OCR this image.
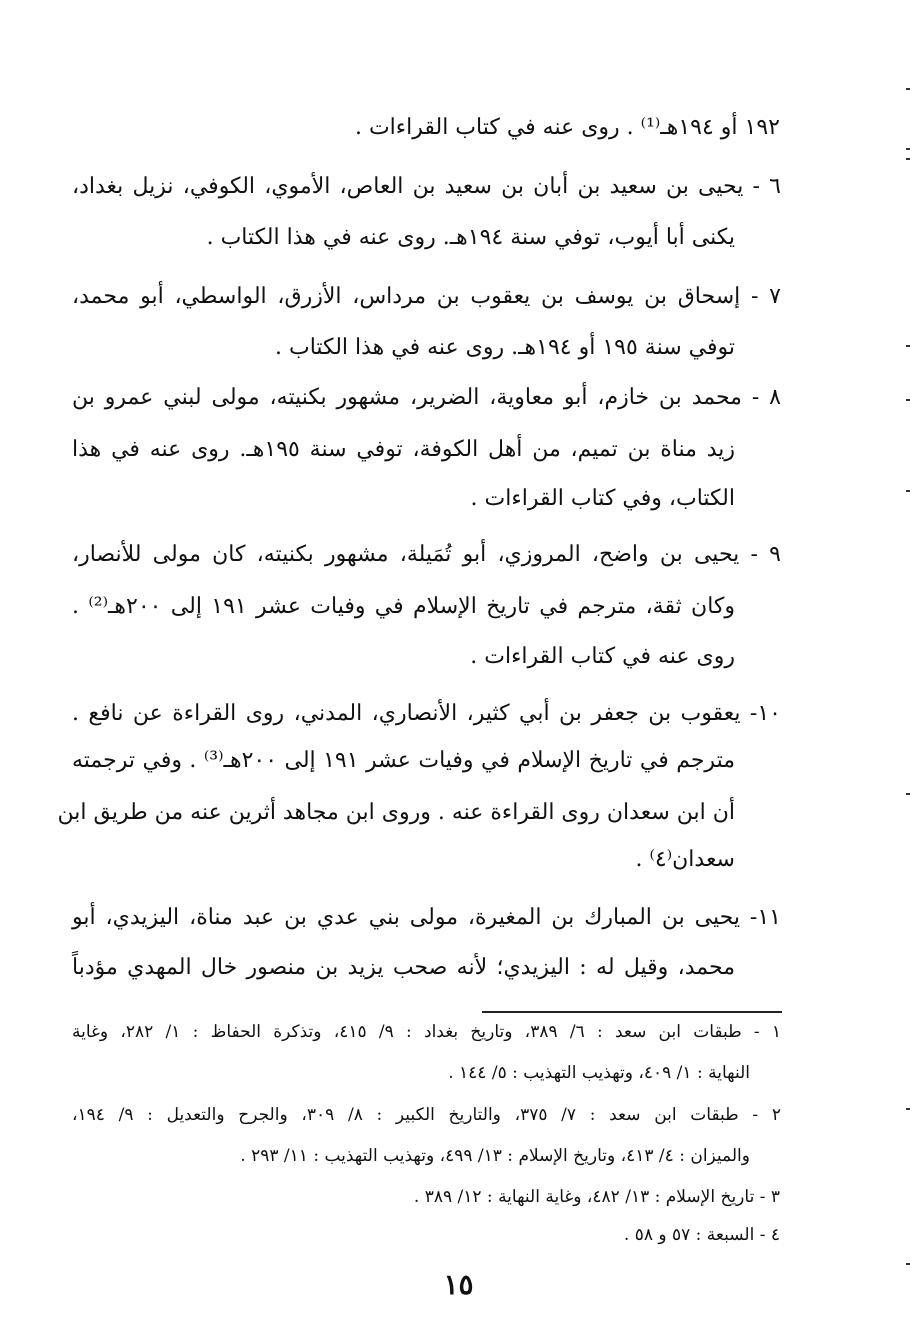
١٩٢ أو ١٩٤هـ⁽¹⁾ . روى عنه في كتاب القراءات .
٦ - يحيى بن سعيد بن أبان بن سعيد بن العاص، الأموي، الكوفي، نزيل بغداد،
يكنى أبا أيوب، توفي سنة ١٩٤هـ. روى عنه في هذا الكتاب .
٧ - إسحاق بن يوسف بن يعقوب بن مرداس، الأزرق، الواسطي، أبو محمد،
توفي سنة ١٩٥ أو ١٩٤هـ. روى عنه في هذا الكتاب .
٨ - محمد بن خازم، أبو معاوية، الضرير، مشهور بكنيته، مولى لبني عمرو بن
زيد مناة بن تميم، من أهل الكوفة، توفي سنة ١٩٥هـ. روى عنه في هذا
الكتاب، وفي كتاب القراءات .
٩ - يحيى بن واضح، المروزي، أبو تُمَيلة، مشهور بكنيته، كان مولى للأنصار،
وكان ثقة، مترجم في تاريخ الإسلام في وفيات عشر ١٩١ إلى ٢٠٠هـ⁽²⁾ .
روى عنه في كتاب القراءات .
١٠- يعقوب بن جعفر بن أبي كثير، الأنصاري، المدني، روى القراءة عن نافع .
مترجم في تاريخ الإسلام في وفيات عشر ١٩١ إلى ٢٠٠هـ⁽³⁾ . وفي ترجمته
أن ابن سعدان روى القراءة عنه . وروى ابن مجاهد أثرين عنه من طريق ابن
سعدان⁽٤⁾ .
١١- يحيى بن المبارك بن المغيرة، مولى بني عدي بن عبد مناة، اليزيدي، أبو
محمد، وقيل له : اليزيدي؛ لأنه صحب يزيد بن منصور خال المهدي مؤدباً
١ - طبقات ابن سعد : ٦/ ٣٨٩، وتاريخ بغداد : ٩/ ٤١٥، وتذكرة الحفاظ : ١/ ٢٨٢، وغاية
النهاية : ١/ ٤٠٩، وتهذيب التهذيب : ٥/ ١٤٤ .
٢ - طبقات ابن سعد : ٧/ ٣٧٥، والتاريخ الكبير : ٨/ ٣٠٩، والجرح والتعديل : ٩/ ١٩٤،
والميزان : ٤/ ٤١٣، وتاريخ الإسلام : ١٣/ ٤٩٩، وتهذيب التهذيب : ١١/ ٢٩٣ .
٣ - تاريخ الإسلام : ١٣/ ٤٨٢، وغاية النهاية : ١٢/ ٣٨٩ .
٤ - السبعة : ٥٧ و ٥٨ .
١٥
